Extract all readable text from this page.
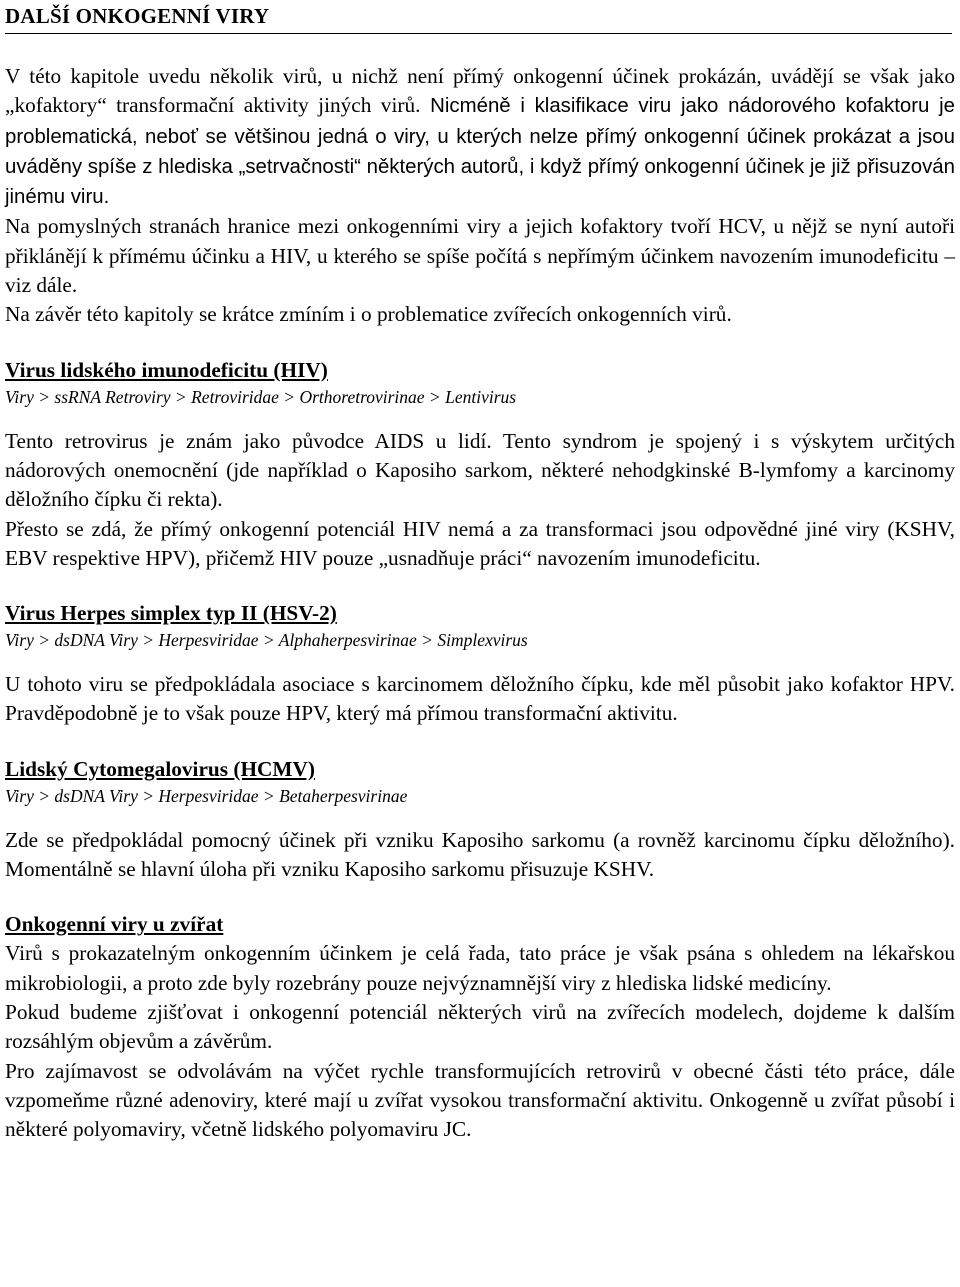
DALŠÍ ONKOGENNÍ VIRY

V této kapitole uvedu několik virů, u nichž není přímý onkogenní účinek prokázán, uvádějí se však jako „kofaktory“ transformační aktivity jiných virů. Nicméně i klasifikace viru jako nádorového kofaktoru je problematická, neboť se většinou jedná o viry, u kterých nelze přímý onkogenní účinek prokázat a jsou uváděny spíše z hlediska „setrvačnosti“ některých autorů, i když přímý onkogenní účinek je již přisuzován jinému viru.

Na pomyslných stranách hranice mezi onkogenními viry a jejich kofaktory tvoří HCV, u nějž se nyní autoři přiklánějí k přímému účinku a HIV, u kterého se spíše počítá s nepřímým účinkem navozením imunodeficitu – viz dále.

Na závěr této kapitoly se krátce zmíním i o problematice zvířecích onkogenních virů.

Virus lidského imunodeficitu (HIV)

Viry > ssRNA Retroviry > Retroviridae > Orthoretrovirinae > Lentivirus

Tento retrovirus je znám jako původce AIDS u lidí. Tento syndrom je spojený i s výskytem určitých nádorových onemocnění (jde například o Kaposiho sarkom, některé nehodgkinské B-lymfomy a karcinomy děložního čípku či rekta).

Přesto se zdá, že přímý onkogenní potenciál HIV nemá a za transformaci jsou odpovědné jiné viry (KSHV, EBV respektive HPV), přičemž HIV pouze „usnadňuje práci“ navozením imunodeficitu.

Virus Herpes simplex typ II (HSV-2)

Viry > dsDNA Viry > Herpesviridae > Alphaherpesvirinae > Simplexvirus

U tohoto viru se předpokládala asociace s karcinomem děložního čípku, kde měl působit jako kofaktor HPV. Pravděpodobně je to však pouze HPV, který má přímou transformační aktivitu.

Lidský Cytomegalovirus (HCMV)

Viry > dsDNA Viry > Herpesviridae > Betaherpesvirinae

Zde se předpokládal pomocný účinek při vzniku Kaposiho sarkomu (a rovněž karcinomu čípku děložního). Momentálně se hlavní úloha při vzniku Kaposiho sarkomu přisuzuje KSHV.

Onkogenní viry u zvířat

Virů s prokazatelným onkogenním účinkem je celá řada, tato práce je však psána s ohledem na lékařskou mikrobiologii, a proto zde byly rozebrány pouze nejvýznamnější viry z hlediska lidské medicíny.

Pokud budeme zjišťovat i onkogenní potenciál některých virů na zvířecích modelech, dojdeme k dalším rozsáhlým objevům a závěrům.

Pro zajímavost se odvolávám na výčet rychle transformujících retrovirů v obecné části této práce, dále vzpomeňme různé adenoviry, které mají u zvířat vysokou transformační aktivitu. Onkogenně u zvířat působí i některé polyomaviry, včetně lidského polyomaviru JC.
